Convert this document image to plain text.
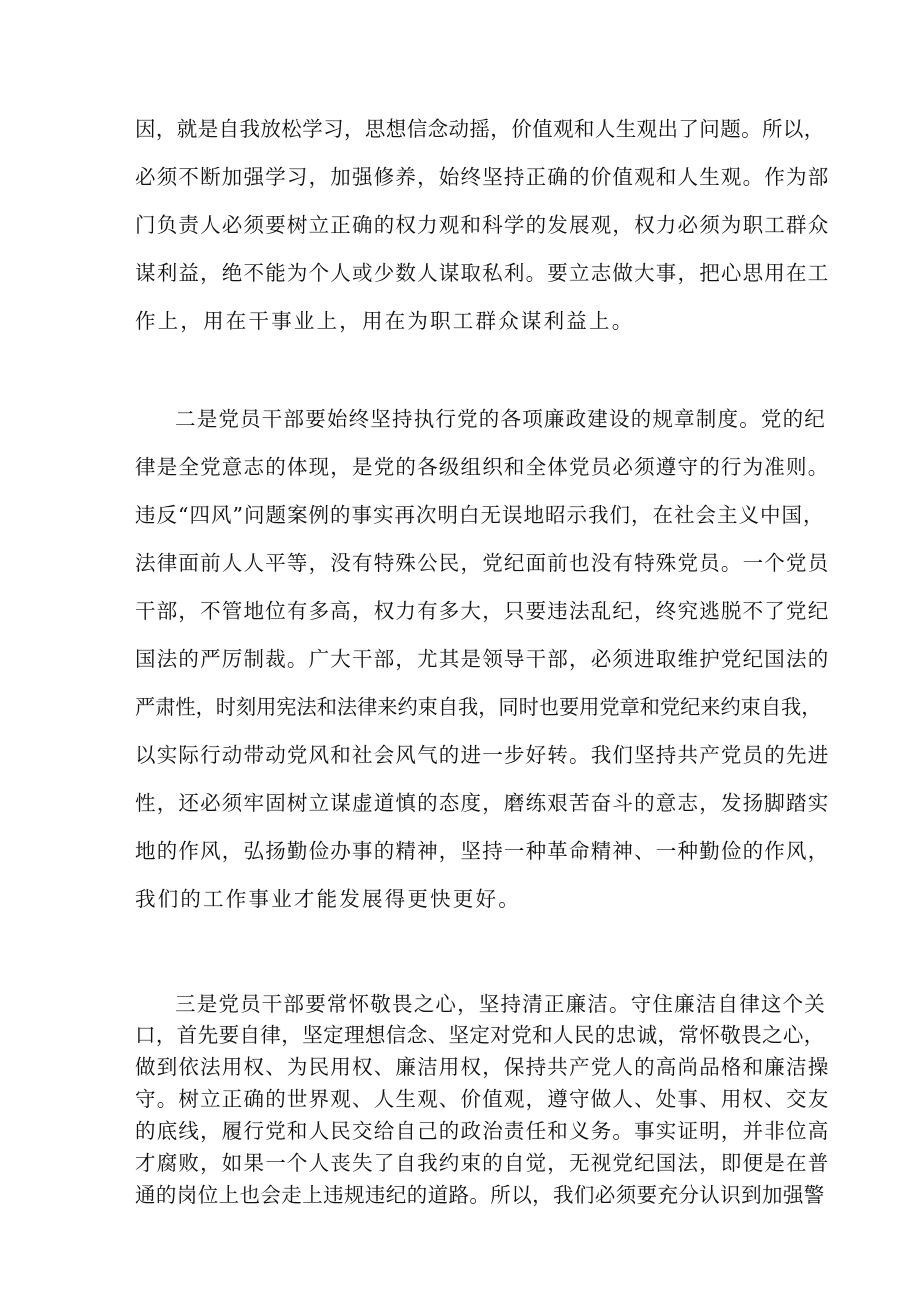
因，就是自我放松学习，思想信念动摇，价值观和人生观出了问题。所以，

必须不断加强学习，加强修养，始终坚持正确的价值观和人生观。作为部

门负责人必须要树立正确的权力观和科学的发展观，权力必须为职工群众

谋利益，绝不能为个人或少数人谋取私利。要立志做大事，把心思用在工

作上，用在干事业上，用在为职工群众谋利益上。

二是党员干部要始终坚持执行党的各项廉政建设的规章制度。党的纪

律是全党意志的体现，是党的各级组织和全体党员必须遵守的行为准则。

违反“四风”问题案例的事实再次明白无误地昭示我们，在社会主义中国，

法律面前人人平等，没有特殊公民，党纪面前也没有特殊党员。一个党员

干部，不管地位有多高，权力有多大，只要违法乱纪，终究逃脱不了党纪

国法的严厉制裁。广大干部，尤其是领导干部，必须进取维护党纪国法的

严肃性，时刻用宪法和法律来约束自我，同时也要用党章和党纪来约束自我，

以实际行动带动党风和社会风气的进一步好转。我们坚持共产党员的先进

性，还必须牢固树立谋虚道慎的态度，磨练艰苦奋斗的意志，发扬脚踏实

地的作风，弘扬勤俭办事的精神，坚持一种革命精神、一种勤俭的作风，

我们的工作事业才能发展得更快更好。

三是党员干部要常怀敬畏之心，坚持清正廉洁。守住廉洁自律这个关

口，首先要自律，坚定理想信念、坚定对党和人民的忠诚，常怀敬畏之心，

做到依法用权、为民用权、廉洁用权，保持共产党人的高尚品格和廉洁操

守。树立正确的世界观、人生观、价值观，遵守做人、处事、用权、交友

的底线，履行党和人民交给自己的政治责任和义务。事实证明，并非位高

才腐败，如果一个人丧失了自我约束的自觉，无视党纪国法，即便是在普

通的岗位上也会走上违规违纪的道路。所以，我们必须要充分认识到加强警
